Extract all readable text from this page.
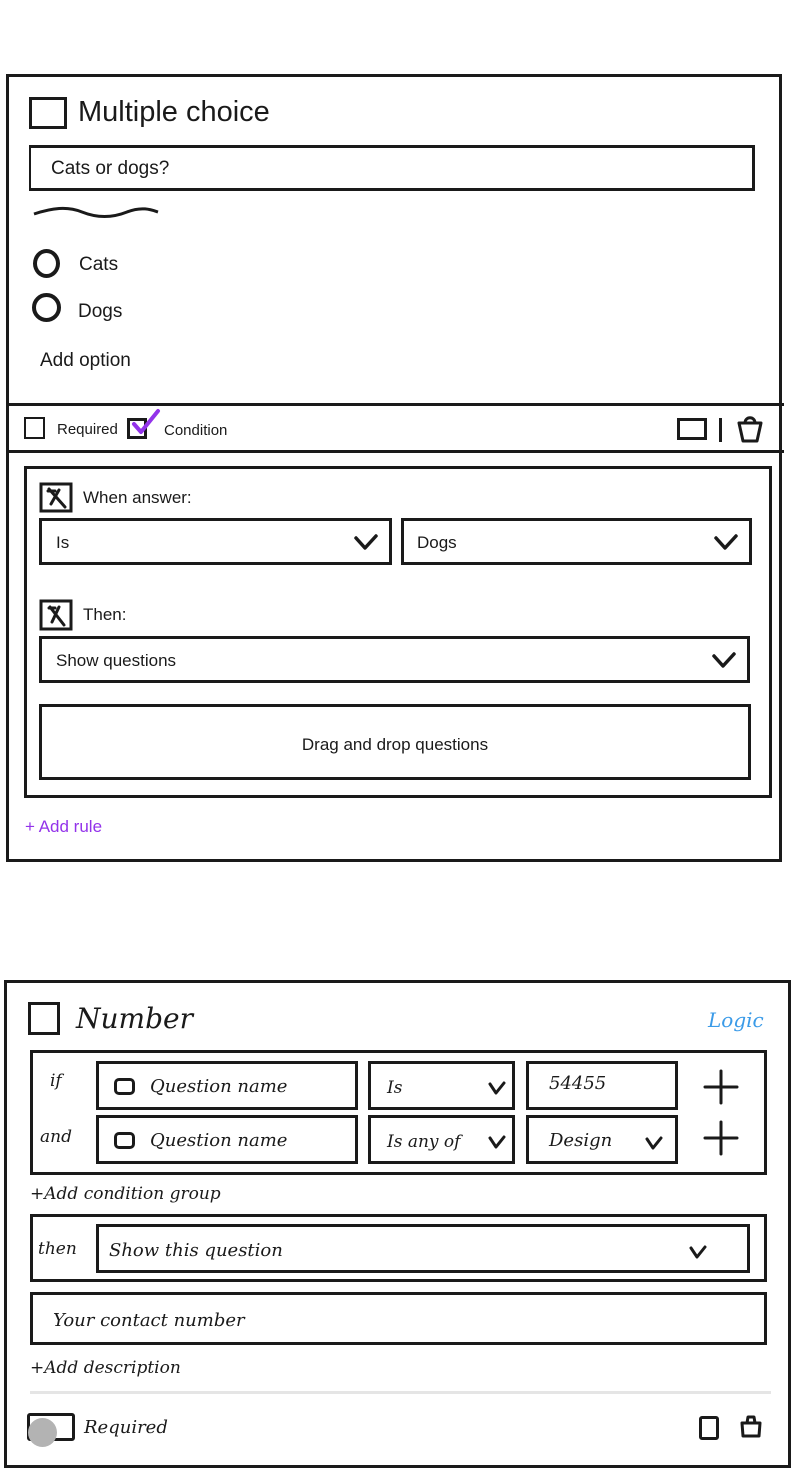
Multiple choice
Cats or dogs?
Cats
Dogs
Add option
Required	Condition
When answer:
Is	Dogs
Then:
Show questions
Drag and drop questions
+ Add rule
Number	Logic
if	Question name	Is	54455
and	Question name	Is any of	Design
+Add condition group
then Show this question
Your contact number
+Add description
Required
